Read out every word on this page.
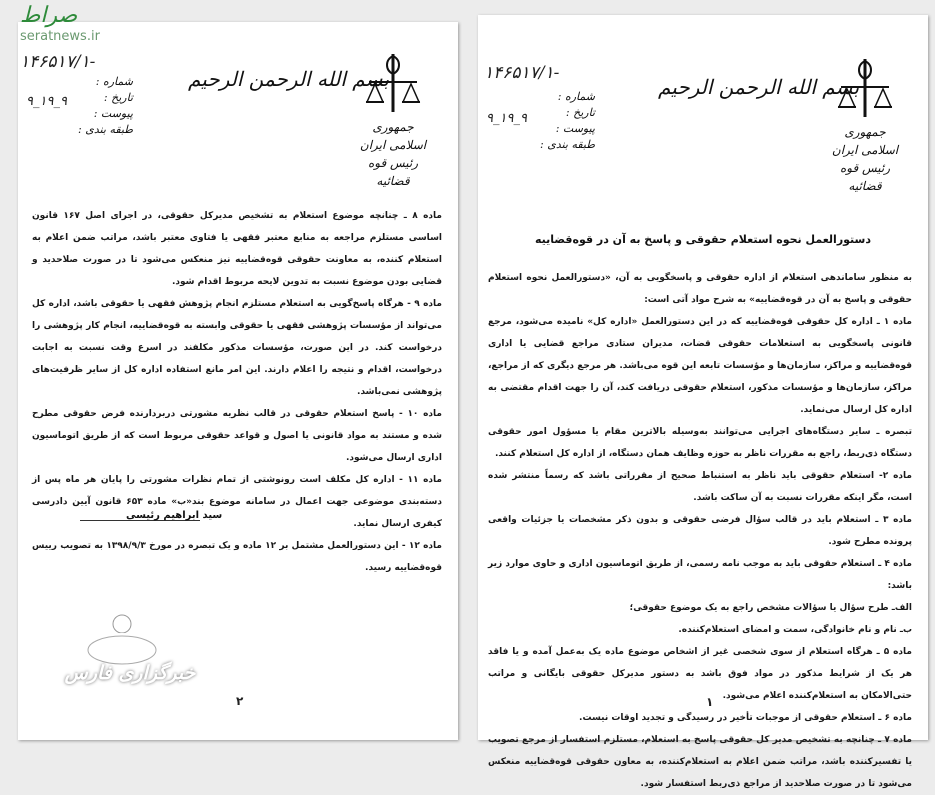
جمهوری اسلامی ایران
رئیس قوه قضائیه
بسم الله الرحمن الرحیم
۱۴۶۵۱۷/۱-
شماره :
تاریخ :
پیوست :
طبقه بندی :
۹_۱۹_۹

ماده ۸ ـ چنانچه موضوع استعلام به تشخیص مدیرکل حقوقی، در اجرای اصل ۱۶۷ قانون اساسی مستلزم مراجعه به منابع معتبر فقهی یا فتاوی معتبر باشد، مراتب ضمن اعلام به استعلام کننده، به معاونت حقوقی قوه‌قضاییه نیز منعکس می‌شود تا در صورت صلاحدید و قضایی بودن موضوع نسبت به تدوین لایحه مربوط اقدام شود.

ماده ۹ - هرگاه پاسخ‌گویی به استعلام مستلزم انجام پژوهش فقهی یا حقوقی باشد، اداره کل می‌تواند از مؤسسات پژوهشی فقهی یا حقوقی وابسته به قوه‌قضاییه، انجام کار پژوهشی را درخواست کند. در این صورت، مؤسسات مذکور مکلفند در اسرع وقت نسبت به اجابت درخواست، اقدام و نتیجه را اعلام دارند. این امر مانع استفاده اداره کل از سایر ظرفیت‌های پژوهشی نمی‌باشد.

ماده ۱۰ - پاسخ استعلام حقوقی در قالب نظریه مشورتی دربردارنده فرض حقوقی مطرح شده و مستند به مواد قانونی یا اصول و قواعد حقوقی مربوط است که از طریق اتوماسیون اداری ارسال می‌شود.

ماده ۱۱ - اداره کل مکلف است رونوشتی از تمام نظرات مشورتی را پایان هر ماه پس از دسته‌بندی موضوعی جهت اعمال در سامانه موضوع بند«ب» ماده ۶۵۳ قانون آیین دادرسی کیفری ارسال نماید.

ماده ۱۲ - این دستورالعمل مشتمل بر ۱۲ ماده و یک تبصره در مورخ ۱۳۹۸/۹/۳ به تصویب رییس قوه‌قضاییه رسید.

سید ابراهیم رئیسی
۲
جمهوری اسلامی ایران
رئیس قوه قضائیه
بسم الله الرحمن الرحیم
۱۴۶۵۱۷/۱-
شماره :
تاریخ :
پیوست :
طبقه بندی :
۹_۱۹_۹
دستورالعمل نحوه استعلام حقوقی و پاسخ به آن در قوه‌قضاییه

به منظور ساماندهی استعلام از اداره حقوقی و پاسخگویی به آن، «دستورالعمل نحوه استعلام حقوقی و پاسخ به آن در قوه‌قضاییه» به شرح مواد آتی است:

ماده ۱ ـ اداره کل حقوقی قوه‌قضاییه که در این دستورالعمل «اداره کل» نامیده می‌شود، مرجع قانونی پاسخگویی به استعلامات حقوقی قضات، مدیران ستادی مراجع قضایی یا اداری قوه‌قضاییه و مراکز، سازمان‌ها و مؤسسات تابعه این قوه می‌باشد. هر مرجع دیگری که از مراجع، مراکز، سازمان‌ها و مؤسسات مذکور، استعلام حقوقی دریافت کند، آن را جهت اقدام مقتضی به اداره کل ارسال می‌نماید.

تبصره ـ سایر دستگاه‌های اجرایی می‌توانند به‌وسیله بالاترین مقام یا مسؤول امور حقوقی دستگاه ذی‌ربط، راجع به مقررات ناظر به حوزه وظایف همان دستگاه، از اداره کل استعلام کنند.

ماده ۲- استعلام حقوقی باید ناظر به استنباط صحیح از مقرراتی باشد که رسماً منتشر شده است، مگر اینکه مقررات نسبت به آن ساکت باشد.

ماده ۳ ـ استعلام باید در قالب سؤال فرضی حقوقی و بدون ذکر مشخصات یا جزئیات واقعی پرونده مطرح شود.

ماده ۴ ـ استعلام حقوقی باید به موجب نامه رسمی، از طریق اتوماسیون اداری و حاوی موارد زیر باشد:

الف‌ـ طرح سؤال یا سؤالات مشخص راجع به یک موضوع حقوقی؛

ب‌ـ نام و نام خانوادگی، سمت و امضای استعلام‌کننده.

ماده ۵ ـ هرگاه استعلام از سوی شخصی غیر از اشخاص موضوع ماده یک به‌عمل آمده و یا فاقد هر یک از شرایط مذکور در مواد فوق باشد به دستور مدیرکل حقوقی بایگانی و مراتب حتی‌الامکان به استعلام‌کننده اعلام می‌شود.

ماده ۶ ـ استعلام حقوقی از موجبات تأخیر در رسیدگی و تجدید اوقات نیست.

ماده ۷ ـ چنانچه به تشخیص مدیر کل حقوقی پاسخ به استعلام، مستلزم استفسار از مرجع تصویب یا تفسیرکننده باشد، مراتب ضمن اعلام به استعلام‌کننده، به معاون حقوقی قوه‌قضاییه منعکس می‌شود تا در صورت صلاحدید از مراجع ذی‌ربط استفسار شود.

۱
صراط
seratnews.ir
خبرگزاری فارس
